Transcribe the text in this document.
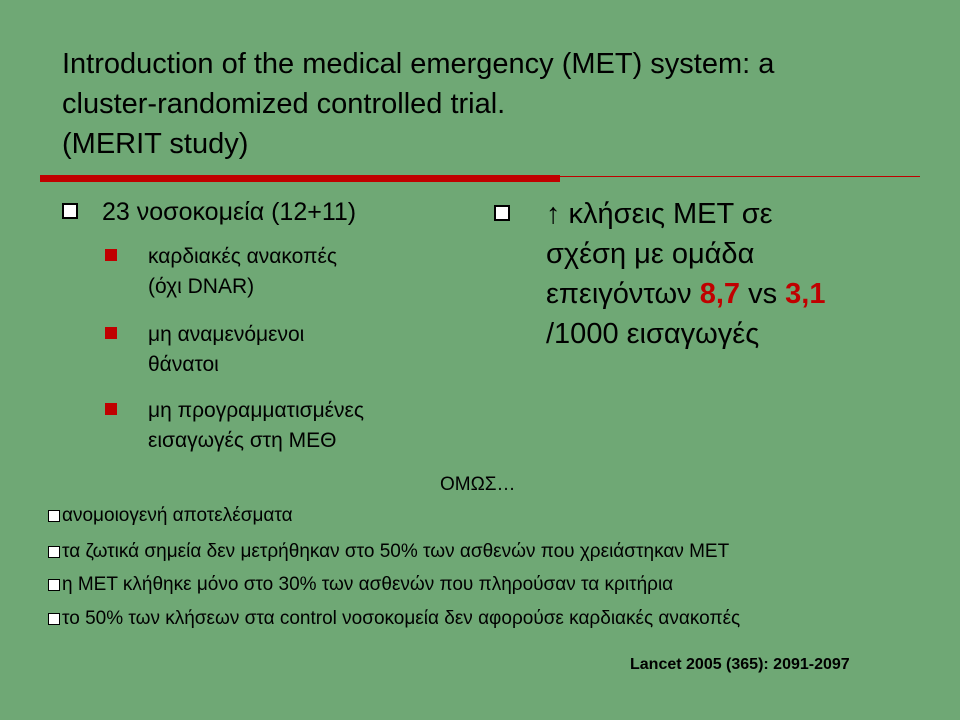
Introduction of the medical emergency (MET) system: a
cluster-randomized controlled trial.
(MERIT study)
23 νοσοκομεία (12+11)
καρδιακές ανακοπές
(όχι DNAR)
μη αναμενόμενοι
θάνατοι
μη προγραμματισμένες
εισαγωγές στη ΜΕΘ
↑ κλήσεις ΜΕΤ σε
σχέση με ομάδα
επειγόντων 8,7 vs 3,1
/1000 εισαγωγές
ΟΜΩΣ…
ανομοιογενή αποτελέσματα
τα ζωτικά σημεία δεν μετρήθηκαν στο 50% των ασθενών που χρειάστηκαν ΜΕΤ
η ΜΕΤ κλήθηκε μόνο στο 30% των ασθενών που πληρούσαν τα κριτήρια
το 50% των κλήσεων στα control νοσοκομεία δεν αφορούσε καρδιακές ανακοπές
Lancet 2005 (365): 2091-2097
